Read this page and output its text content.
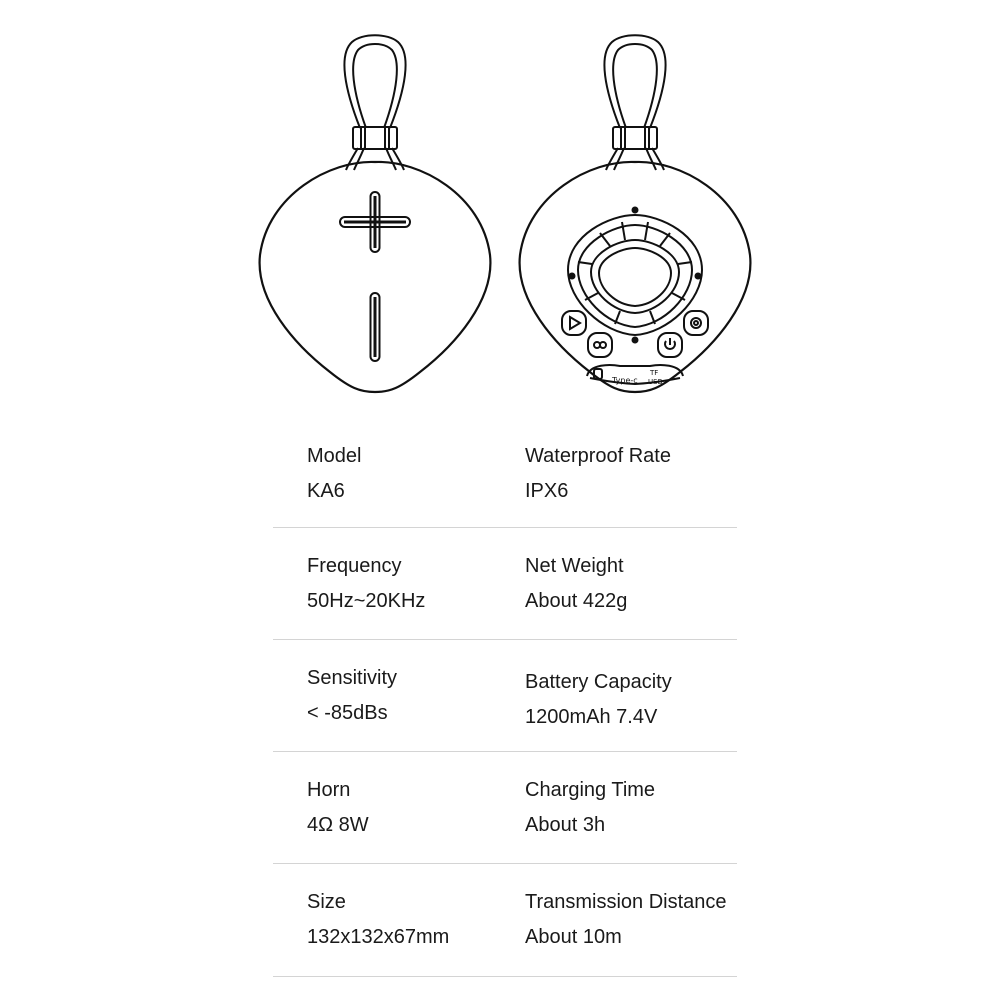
Type-c
TF
USB
Model
KA6
Waterproof Rate
IPX6
Frequency
50Hz~20KHz
Net Weight
About 422g
Sensitivity
< -85dBs
Battery Capacity
1200mAh 7.4V
Horn
4Ω 8W
Charging Time
About 3h
Size
132x132x67mm
Transmission Distance
About 10m
